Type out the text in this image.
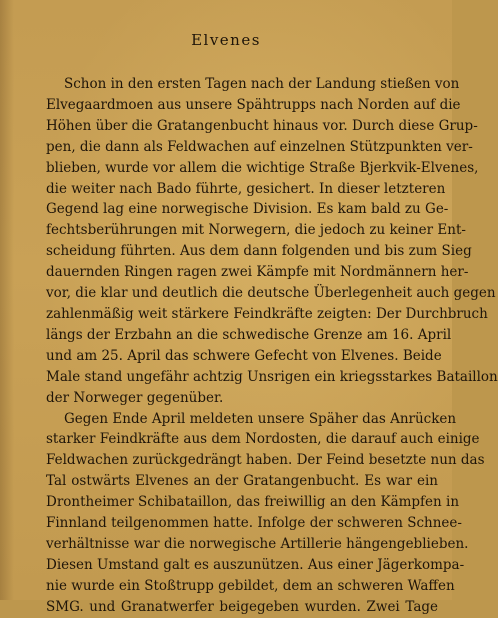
Elvenes
Schon in den ersten Tagen nach der Landung stießen von
Elvegaardmoen aus unsere Spähtrupps nach Norden auf die
Höhen über die Gratangenbucht hinaus vor. Durch diese Grup-
pen, die dann als Feldwachen auf einzelnen Stützpunkten ver-
blieben, wurde vor allem die wichtige Straße Bjerkvik-Elvenes,
die weiter nach Bado führte, gesichert. In dieser letzteren
Gegend lag eine norwegische Division. Es kam bald zu Ge-
fechtsberührungen mit Norwegern, die jedoch zu keiner Ent-
scheidung führten. Aus dem dann folgenden und bis zum Sieg
dauernden Ringen ragen zwei Kämpfe mit Nordmännern her-
vor, die klar und deutlich die deutsche Überlegenheit auch gegen
zahlenmäßig weit stärkere Feindkräfte zeigten: Der Durchbruch
längs der Erzbahn an die schwedische Grenze am 16. April
und am 25. April das schwere Gefecht von Elvenes. Beide
Male stand ungefähr achtzig Unsrigen ein kriegsstarkes Bataillon
der Norweger gegenüber.
Gegen Ende April meldeten unsere Späher das Anrücken
starker Feindkräfte aus dem Nordosten, die darauf auch einige
Feldwachen zurückgedrängt haben. Der Feind besetzte nun das
Tal ostwärts Elvenes an der Gratangenbucht. Es war ein
Drontheimer Schibataillon, das freiwillig an den Kämpfen in
Finnland teilgenommen hatte. Infolge der schweren Schnee-
verhältnisse war die norwegische Artillerie hängengeblieben.
Diesen Umstand galt es auszunützen. Aus einer Jägerkompa-
nie wurde ein Stoßtrupp gebildet, dem an schweren Waffen
SMG. und Granatwerfer beigegeben wurden. Zwei Tage
